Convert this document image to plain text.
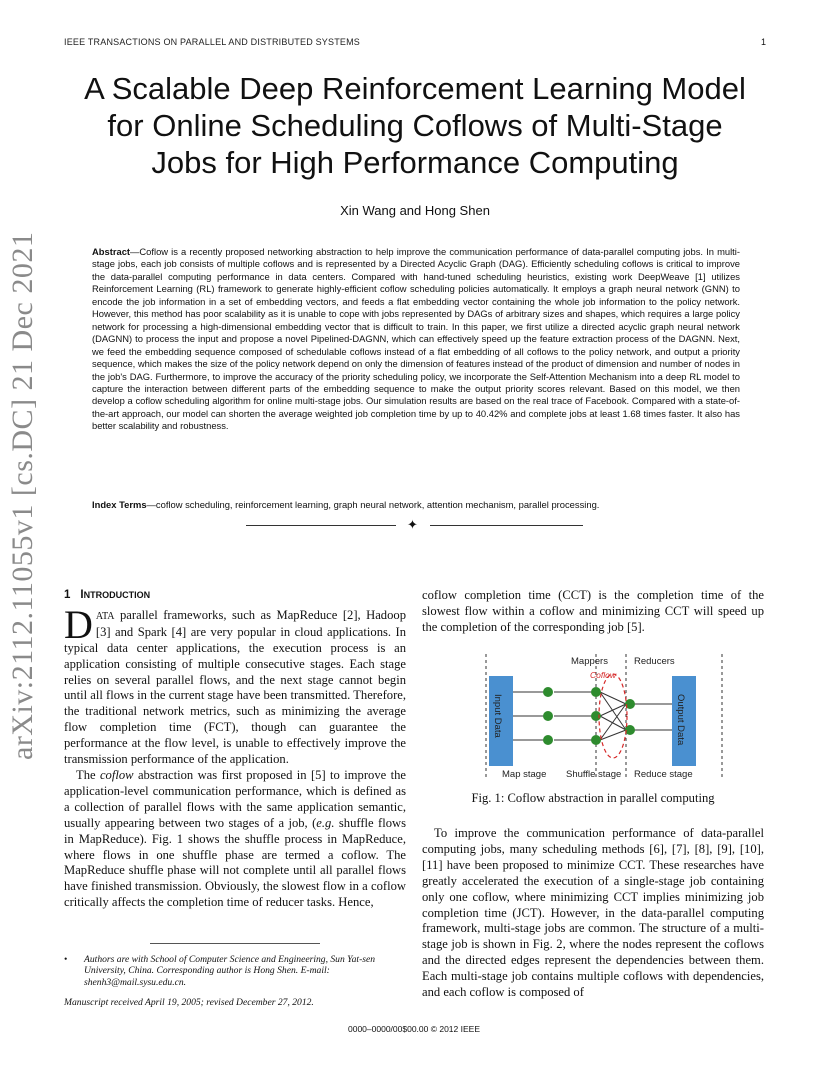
IEEE TRANSACTIONS ON PARALLEL AND DISTRIBUTED SYSTEMS	1
arXiv:2112.11055v1 [cs.DC] 21 Dec 2021
A Scalable Deep Reinforcement Learning Model
for Online Scheduling Coflows of Multi-Stage
Jobs for High Performance Computing
Xin Wang and Hong Shen
Abstract—Coflow is a recently proposed networking abstraction to help improve the communication performance of data-parallel computing jobs. In multi-stage jobs, each job consists of multiple coflows and is represented by a Directed Acyclic Graph (DAG). Efficiently scheduling coflows is critical to improve the data-parallel computing performance in data centers. Compared with hand-tuned scheduling heuristics, existing work DeepWeave [1] utilizes Reinforcement Learning (RL) framework to generate highly-efficient coflow scheduling policies automatically. It employs a graph neural network (GNN) to encode the job information in a set of embedding vectors, and feeds a flat embedding vector containing the whole job information to the policy network. However, this method has poor scalability as it is unable to cope with jobs represented by DAGs of arbitrary sizes and shapes, which requires a large policy network for processing a high-dimensional embedding vector that is difficult to train. In this paper, we first utilize a directed acyclic graph neural network (DAGNN) to process the input and propose a novel Pipelined-DAGNN, which can effectively speed up the feature extraction process of the DAGNN. Next, we feed the embedding sequence composed of schedulable coflows instead of a flat embedding of all coflows to the policy network, and output a priority sequence, which makes the size of the policy network depend on only the dimension of features instead of the product of dimension and number of nodes in the job's DAG. Furthermore, to improve the accuracy of the priority scheduling policy, we incorporate the Self-Attention Mechanism into a deep RL model to capture the interaction between different parts of the embedding sequence to make the output priority scores relevant. Based on this model, we then develop a coflow scheduling algorithm for online multi-stage jobs. Our simulation results are based on the real trace of Facebook. Compared with a state-of-the-art approach, our model can shorten the average weighted job completion time by up to 40.42% and complete jobs at least 1.68 times faster. It also has better scalability and robustness.
Index Terms—coflow scheduling, reinforcement learning, graph neural network, attention mechanism, parallel processing.
✦
1 INTRODUCTION

DATA parallel frameworks, such as MapReduce [2], Hadoop [3] and Spark [4] are very popular in cloud applications. In typical data center applications, the execution process is an application consisting of multiple consecutive stages. Each stage relies on several parallel flows, and the next stage cannot begin until all flows in the current stage have been transmitted. Therefore, the traditional network metrics, such as minimizing the average flow completion time (FCT), though can guarantee the performance at the flow level, is unable to effectively improve the transmission performance of the application.

The coflow abstraction was first proposed in [5] to improve the application-level communication performance, which is defined as a collection of parallel flows with the same application semantic, usually appearing between two stages of a job, (e.g. shuffle flows in MapReduce). Fig. 1 shows the shuffle process in MapReduce, where flows in one shuffle phase are termed a coflow. The MapReduce shuffle phase will not complete until all parallel flows have finished transmission. Obviously, the slowest flow in a coflow critically affects the completion time of reducer tasks. Hence,

coflow completion time (CCT) is the completion time of the slowest flow within a coflow and minimizing CCT will speed up the completion of the corresponding job [5].

Input Data	Output Data
Mappers	Reducers
Coflow
Map stage Shuffle stage Reduce stage
Fig. 1: Coflow abstraction in parallel computing

To improve the communication performance of data-parallel computing jobs, many scheduling methods [6], [7], [8], [9], [10], [11] have been proposed to minimize CCT. These researches have greatly accelerated the execution of a single-stage job containing only one coflow, where minimizing CCT implies minimizing job completion time (JCT). However, in the data-parallel computing framework, multi-stage jobs are common. The structure of a multi-stage job is shown in Fig. 2, where the nodes represent the coflows and the directed edges represent the dependencies between them. Each multi-stage job contains multiple coflows with dependencies, and each coflow is composed of

• Authors are with School of Computer Science and Engineering, Sun Yat-sen University, China. Corresponding author is Hong Shen. E-mail: shenh3@mail.sysu.edu.cn.
Manuscript received April 19, 2005; revised December 27, 2012.
0000–0000/00$00.00 © 2012 IEEE
